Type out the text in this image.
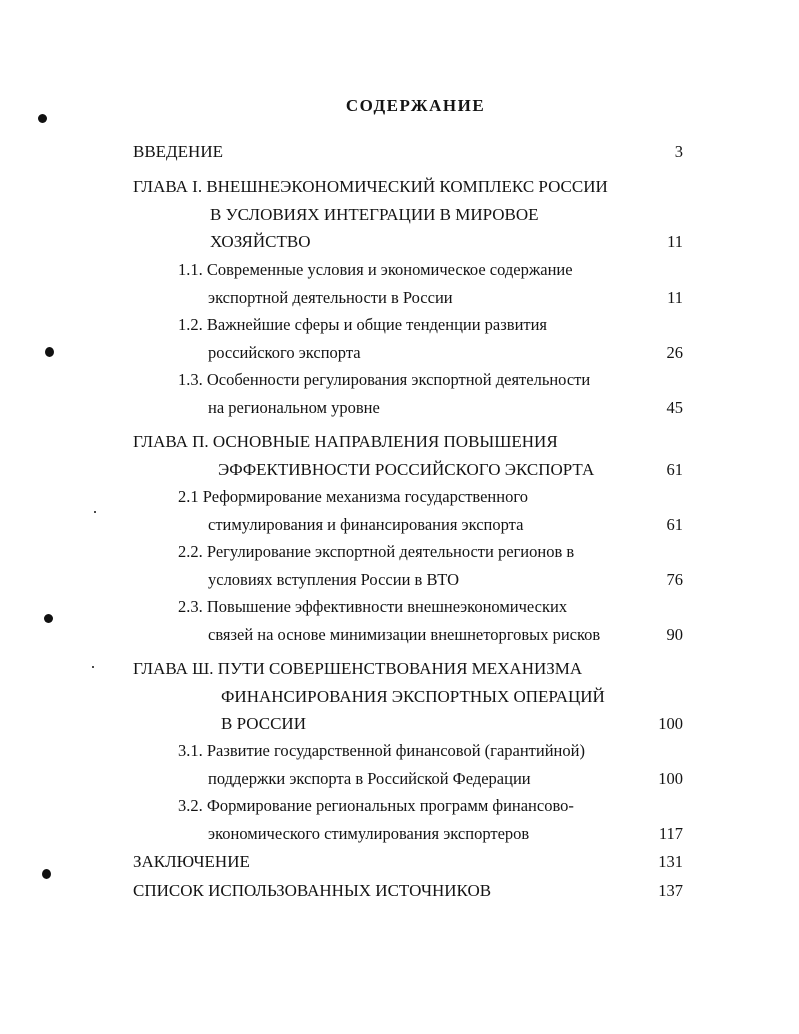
СОДЕРЖАНИЕ
ВВЕДЕНИЕ	3
ГЛАВА I. ВНЕШНЕЭКОНОМИЧЕСКИЙ КОМПЛЕКС РОССИИ
В УСЛОВИЯХ ИНТЕГРАЦИИ В МИРОВОЕ
ХОЗЯЙСТВО	11
1.1. Современные условия и экономическое содержание
экспортной деятельности в России	11
1.2. Важнейшие сферы и общие тенденции развития
российского экспорта	26
1.3. Особенности регулирования экспортной деятельности
на региональном уровне	45
ГЛАВА П. ОСНОВНЫЕ НАПРАВЛЕНИЯ ПОВЫШЕНИЯ
ЭФФЕКТИВНОСТИ РОССИЙСКОГО ЭКСПОРТА	61
2.1 Реформирование механизма государственного
стимулирования и финансирования экспорта	61
2.2. Регулирование экспортной деятельности регионов в
условиях вступления России в ВТО	76
2.3. Повышение эффективности внешнеэкономических
связей на основе минимизации внешнеторговых рисков	90
ГЛАВА Ш. ПУТИ СОВЕРШЕНСТВОВАНИЯ МЕХАНИЗМА
ФИНАНСИРОВАНИЯ ЭКСПОРТНЫХ ОПЕРАЦИЙ
В РОССИИ	100
3.1. Развитие государственной финансовой (гарантийной)
поддержки экспорта в Российской Федерации	100
3.2. Формирование региональных программ финансово-
экономического стимулирования экспортеров	117
ЗАКЛЮЧЕНИЕ	131
СПИСОК ИСПОЛЬЗОВАННЫХ ИСТОЧНИКОВ	137
